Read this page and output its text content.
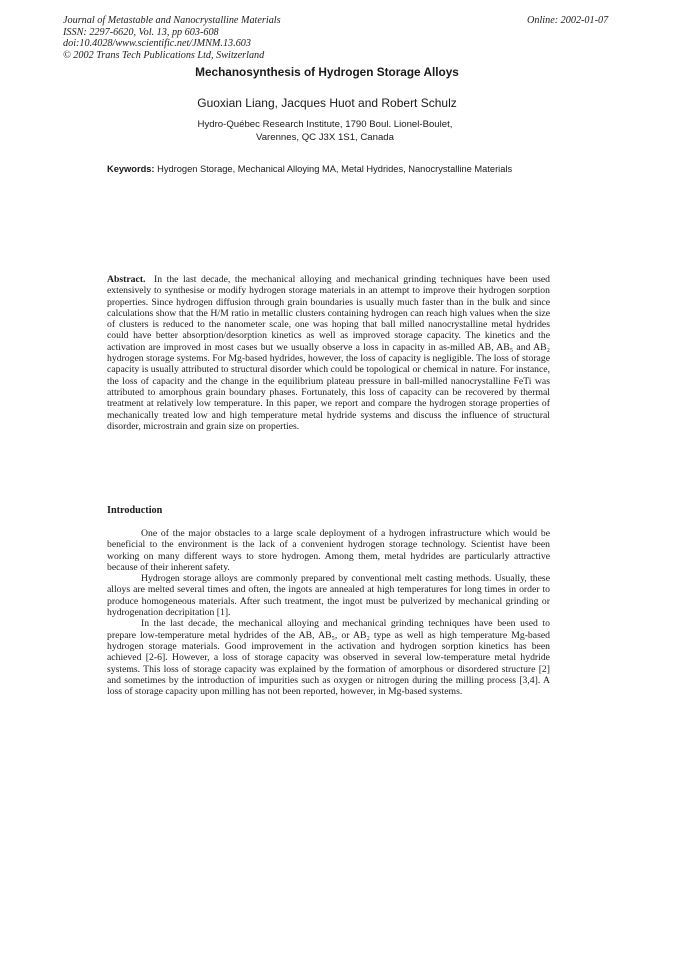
Journal of Metastable and Nanocrystalline Materials
ISSN: 2297-6620, Vol. 13, pp 603-608
doi:10.4028/www.scientific.net/JMNM.13.603
© 2002 Trans Tech Publications Ltd, Switzerland
Online: 2002-01-07
Mechanosynthesis of Hydrogen Storage Alloys
Guoxian Liang, Jacques Huot and Robert Schulz
Hydro-Québec Research Institute, 1790 Boul. Lionel-Boulet,
Varennes, QC J3X 1S1, Canada
Keywords: Hydrogen Storage, Mechanical Alloying MA, Metal Hydrides, Nanocrystalline Materials
Abstract. In the last decade, the mechanical alloying and mechanical grinding techniques have been used extensively to synthesise or modify hydrogen storage materials in an attempt to improve their hydrogen sorption properties. Since hydrogen diffusion through grain boundaries is usually much faster than in the bulk and since calculations show that the H/M ratio in metallic clusters containing hydrogen can reach high values when the size of clusters is reduced to the nanometer scale, one was hoping that ball milled nanocrystalline metal hydrides could have better absorption/desorption kinetics as well as improved storage capacity. The kinetics and the activation are improved in most cases but we usually observe a loss in capacity in as-milled AB, AB₅ and AB₂ hydrogen storage systems. For Mg-based hydrides, however, the loss of capacity is negligible. The loss of storage capacity is usually attributed to structural disorder which could be topological or chemical in nature. For instance, the loss of capacity and the change in the equilibrium plateau pressure in ball-milled nanocrystalline FeTi was attributed to amorphous grain boundary phases. Fortunately, this loss of capacity can be recovered by thermal treatment at relatively low temperature. In this paper, we report and compare the hydrogen storage properties of mechanically treated low and high temperature metal hydride systems and discuss the influence of structural disorder, microstrain and grain size on properties.
Introduction

One of the major obstacles to a large scale deployment of a hydrogen infrastructure which would be beneficial to the environment is the lack of a convenient hydrogen storage technology. Scientist have been working on many different ways to store hydrogen. Among them, metal hydrides are particularly attractive because of their inherent safety.

Hydrogen storage alloys are commonly prepared by conventional melt casting methods. Usually, these alloys are melted several times and often, the ingots are annealed at high temperatures for long times in order to produce homogeneous materials. After such treatment, the ingot must be pulverized by mechanical grinding or hydrogenation decripitation [1].

In the last decade, the mechanical alloying and mechanical grinding techniques have been used to prepare low-temperature metal hydrides of the AB, AB₅, or AB₂ type as well as high temperature Mg-based hydrogen storage materials. Good improvement in the activation and hydrogen sorption kinetics has been achieved [2-6]. However, a loss of storage capacity was observed in several low-temperature metal hydride systems. This loss of storage capacity was explained by the formation of amorphous or disordered structure [2] and sometimes by the introduction of impurities such as oxygen or nitrogen during the milling process [3,4]. A loss of storage capacity upon milling has not been reported, however, in Mg-based systems.
